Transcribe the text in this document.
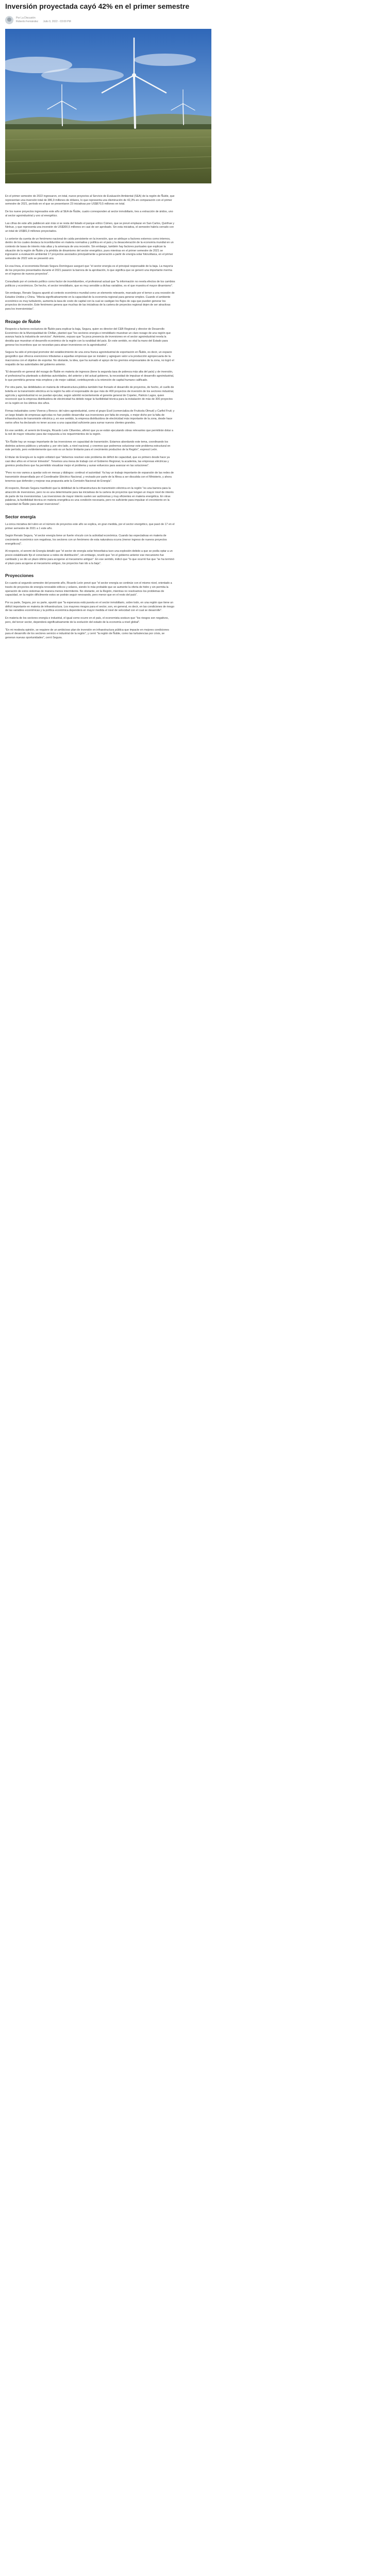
Inversión proyectada cayó 42% en el primer semestre
Por La Discusión
Roberto Fernández Julio 9, 2022 - 03:00 PM

En el primer semestre de 2022 ingresaron, en total, nueve proyectos al Servicio de Evaluación Ambiental (SEA) de la región de Ñuble, que representan una inversión total de 386,9 millones de dólares, lo que representa una disminución de 42,3% en comparación con el primer semestre de 2021, período en el que se presentaron 23 iniciativas por US$670,5 millones en total.

De los nueve proyectos ingresados este año al SEA de Ñuble, cuatro corresponden al sector inmobiliario, tres a extracción de áridos, uno al sector agroindustrial y uno al energético.

Las cifras de este año palidecen aún más si se resta del listado el parque eólico Cúmeo, que se prevé emplazar en San Carlos, Quirihue y Ninhue, y que representa una inversión de US$300,5 millones en casi de ser aprobado. Sin esta iniciativa, el semestre habría cerrado con un total de US$81,9 millones proyectados.

Lo anterior da cuenta de un fenómeno nacional de caída persistente en la inversión, que se atribuye a factores externos como internos, dentro de los cuales destaca la incertidumbre en materia normativa y política en el país y la desaceleración de la economía mundial en un contexto de tasas de interés más altas y la amenaza de una recesión. Sin embargo, también hay factores puntuales que explican la situación de la región de Ñuble y la pérdida de dinamismo del sector energético, pues mientras en el primer semestre de 2021 se ingresaron a evaluación ambiental 17 proyectos asociados principalmente a generación a partir de energía solar fotovoltaica, en el primer semestre de 2022 solo se presentó uno.

En esa línea, el economista Renato Segura Domínguez aseguró que "el sector energía es el principal responsable de la baja. La mayoría de los proyectos presentados durante el 2021 pasaron la barrera de la aprobación, lo que significa que se generó una importante merma en el ingreso de nuevos proyectos".

Consultado por el contexto político como factor de incertidumbre, el profesional actual que "la información no revela efectos de los cambios políticos y económicos. De hecho, el sector inmobiliario, que es muy sensible a dichas variables, es el que muestra el mayor dinamismo".

Sin embargo, Renato Segura apuntó al contexto económico mundial como un elemento relevante, marcado por el temor a una recesión de Estados Unidos y China. "Afecta significativamente en la capacidad de la economía regional para generar empleo. Cuando el ambiente económico es muy turbulento, aumenta la tasa de costo de capital con la cual se castigan los flujos de caja que pueden generar los proyectos de inversión. Este fenómeno genera que muchas de las iniciativas de la cartera de proyectos regional dejen de ser atractivas para los inversionistas".

Rezago de Ñuble

Respecto a factores exclusivos de Ñuble para explicar la baja, Segura, quien es director del CEB Regional y director de Desarrollo Económico de la Municipalidad de Chillán, planteó que "los sectores energía e inmobiliario muestran un claro rezago de una región que avanza hacia la industria de servicios". Asimismo, expuso que "la poca presencia de inversiones en el sector agroindustrial revela la desidia que muestran el desarrollo económico de la región con la ruralidad del país. En este sentido, es vital la mano del Estado para generar los incentivos que se necesitan para atraer inversiones en la agroindustria".

Segura ha sido el principal promotor del establecimiento de una zona franca agroindustrial de exportación en Ñuble, es decir, un espacio geográfico que ofrezca exenciones tributarias a aquellas empresas que se instalen y agreguen valor a la producción agropecuaria de la macrozona con el objetivo de exportar. No obstante, la idea, que ha sumado el apoyo de los gremios empresariales de la zona, no logró el respaldo de las autoridades del gobierno anterior.

"El desarrollo en general del rezago de Ñuble en materia de ingresos (tiene la segunda tasa de pobreza más alta del país) y de inversión, el profesional ha planteado a distintas autoridades, del anterior y del actual gobierno, la necesidad de impulsar el desarrollo agroindustrial, lo que permitiría generar más empleos y de mejor calidad, contribuyendo a la retención de capital humano calificado.

Por otra parte, las debilidades en materia de infraestructura pública también han frenado el desarrollo de proyectos, de hecho, el cuello de botella en la transmisión eléctrica en la región ha sido el responsable de que más de 400 proyectos de inversión de los sectores industrial, agrícola y agroindustrial no se puedan ejecutar, según advirtió recientemente el gerente general de Copelec, Patricio Lagos, quien reconoció que la empresa distribuidora de electricidad ha debido negar la factibilidad técnica para la instalación de más de 300 proyectos en la región en los últimos dos años.

Firmas industriales como Viveros y Brevco; del rubro agroindustrial, como el grupo Exzil (comercializa de Fruticola Olmué) y Carfiol Fruit; y un largo listado de empresas agrícolas no han podido desarrollar sus inversiones por falta de energía, o mejor dicho por la falta de infraestructura de transmisión eléctrica y, en ese sentido, la empresa distribuidora de electricidad más importante de la zona, desde hace varios años ha declarado no tener acceso a una capacidad suficiente para sumar nuevos clientes grandes.

En ese sentido, el seremi de Energía, Ricardo León Cifuentes, afirmó que ya se están ejecutando obras relevantes que permitirán dotar a la red de mayor robustez para dar respuesta a los requerimientos de la región.

"En Ñuble hay un rezago importante de las inversiones en capacidad de transmisión. Estamos abordando este tema, coordinando los distintos actores públicos y privados y, por otro lado, a nivel nacional, y creemos que podremos solucionar este problema estructural en este período, pero evidentemente que esto es un factor limitante para el crecimiento productivo de la Región", expresó León.

El titular de Energía en la región enfatizó que "debemos resolver este problema de déficit de capacidad, que es primero desde hace ya casi diez años en el tercer trimestre". Tenemos una mesa de trabajo con el Gobierno Regional, la academia, las empresas eléctricas y gremios productivos que ha permitido visualizar mejor el problema y aunar esfuerzos para avanzar en las soluciones".

"Pero no nos vamos a quedar solo en mesas y diálogos: continuó el autoridad: Ya hay un trabajo importante de expansión de las redes de transmisión desarrollada por el Coordinador Eléctrico Nacional, y revisado por parte de la Mesa a ser discutida con el Ministerio, y ahora tenemos que defender y mejorar esa propuesta ante la Comisión Nacional de Energía".

Al respecto, Renato Segura manifestó que la debilidad de la infraestructura de transmisión eléctrica en la región "es una barrera para la atracción de inversiones, pero no es una determinante para las iniciativas de la cartera de proyectos que tengan un mayor nivel de interés de parte de los inversionistas. Las inversiones de mayor interés suelen ser autónomas y muy eficientes en materia energética. En otras palabras, la factibilidad técnica en materia energética es una condición necesaria, pero no suficiente para impulsar el crecimiento en la capacidad de Ñuble para atraer inversiones".

Sector energía

La única iniciativa del rubro en el número de proyectos este año se explica, en gran medida, por el sector energético, que pasó de 17 en el primer semestre de 2021 a 1 este año.

Según Renato Segura, "el sector energía tiene un fuerte vínculo con la actividad económica. Cuando las expectativas en materia de crecimiento económico son negativas, los sectores con un fenómeno de esta naturaleza ocurra (menor ingreso de nuevos proyectos energéticos)".

Al respecto, el seremi de Energía detalló que "el sector de energía solar fotovoltaica tuvo una explosión debido a que se podía optar a un precio estabilizado fijo el conectarse a redes de distribución", sin embargo, reveló que "en el gobierno anterior ese mecanismo fue cambiado y se dio un plazo último para acogerse al mecanismo antiguo". En ese sentido, indicó que "lo que ocurrió fue que "se ha terminó el plazo para acogerse al mecanismo antiguo, los proyectos han ido a la baja".

Proyecciones

En cuanto al segundo semestre del presente año, Ricardo León prevé que "el sector energía se continúe con el mismo nivel, orientado a través de proyectos de energía renovable eólicos y solares, siendo lo más probable que se aumente la oferta de hidro y sin permita la operación de estos sistemas de manera menos intermitente. No obstante, en la Región, mientras no resolvamos los problemas de capacidad, en la región difícilmente estos se podrán seguir renovando, pero menor que en el resto del país".

Por su parte, Segura, por su parte, apuntó que "la esperanza está puesta en el sector inmobiliario, sobre todo, en una región que tiene un déficit importante en materia de infraestructura. Los mayores riesgos para el sector, son, en general, es decir, en las condiciones de riesgo de las variables económicas y la política económica dependerá en mayor medida el nivel de velocidad con el cual se desarrolle".

En materia de los sectores energía e industrial, el igual como ocurre en el país, el economista sostuvo que "los riesgos son negativos, pero, del tercer sector, dependerá significativamente de la evolución del estado de la economía a nivel global".

"En mi modesta opinión, se requiere de un ambicioso plan de inversión en infraestructura pública que impacte en mejores condiciones para el desarrollo de los sectores servicio e industrial de la región", y cerró "la región de Ñuble, como las turbulencias por crisis, se generan nuevas oportunidades", cerró Segura.
